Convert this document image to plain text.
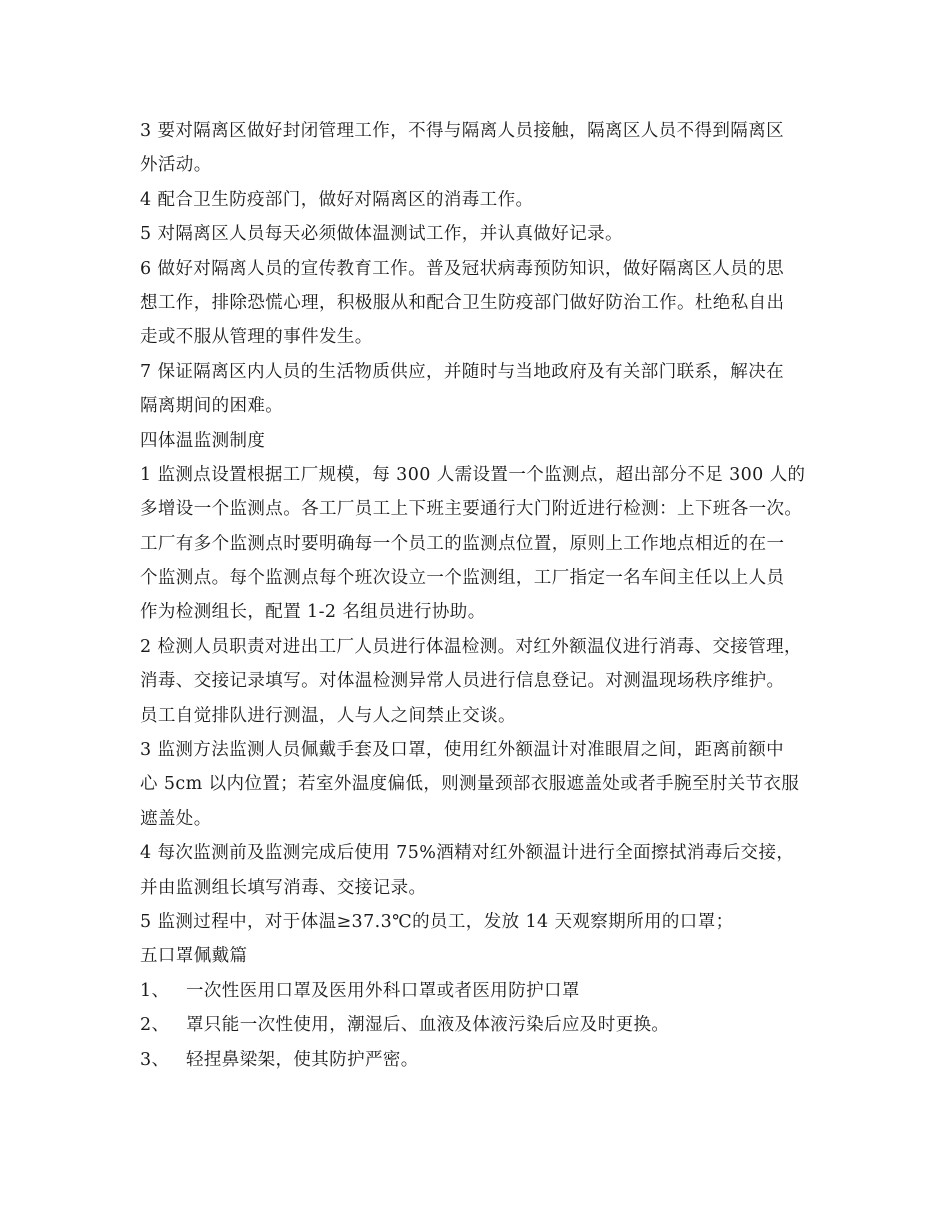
3 要对隔离区做好封闭管理工作，不得与隔离人员接触，隔离区人员不得到隔离区
外活动。
4 配合卫生防疫部门，做好对隔离区的消毒工作。
5 对隔离区人员每天必须做体温测试工作，并认真做好记录。
6 做好对隔离人员的宣传教育工作。普及冠状病毒预防知识，做好隔离区人员的思
想工作，排除恐慌心理，积极服从和配合卫生防疫部门做好防治工作。杜绝私自出
走或不服从管理的事件发生。
7 保证隔离区内人员的生活物质供应，并随时与当地政府及有关部门联系，解决在
隔离期间的困难。
四体温监测制度
1 监测点设置根据工厂规模，每 300 人需设置一个监测点，超出部分不足 300 人的
多增设一个监测点。各工厂员工上下班主要通行大门附近进行检测：上下班各一次。
工厂有多个监测点时要明确每一个员工的监测点位置，原则上工作地点相近的在一
个监测点。每个监测点每个班次设立一个监测组，工厂指定一名车间主任以上人员
作为检测组长，配置 1-2 名组员进行协助。
2 检测人员职责对进出工厂人员进行体温检测。对红外额温仪进行消毒、交接管理，
消毒、交接记录填写。对体温检测异常人员进行信息登记。对测温现场秩序维护。
员工自觉排队进行测温，人与人之间禁止交谈。
3 监测方法监测人员佩戴手套及口罩，使用红外额温计对准眼眉之间，距离前额中
心 5cm 以内位置；若室外温度偏低，则测量颈部衣服遮盖处或者手腕至肘关节衣服
遮盖处。
4 每次监测前及监测完成后使用 75%酒精对红外额温计进行全面擦拭消毒后交接，
并由监测组长填写消毒、交接记录。
5 监测过程中，对于体温≥37.3℃的员工，发放 14 天观察期所用的口罩；
五口罩佩戴篇
1、 一次性医用口罩及医用外科口罩或者医用防护口罩
2、 罩只能一次性使用，潮湿后、血液及体液污染后应及时更换。
3、 轻捏鼻梁架，使其防护严密。
